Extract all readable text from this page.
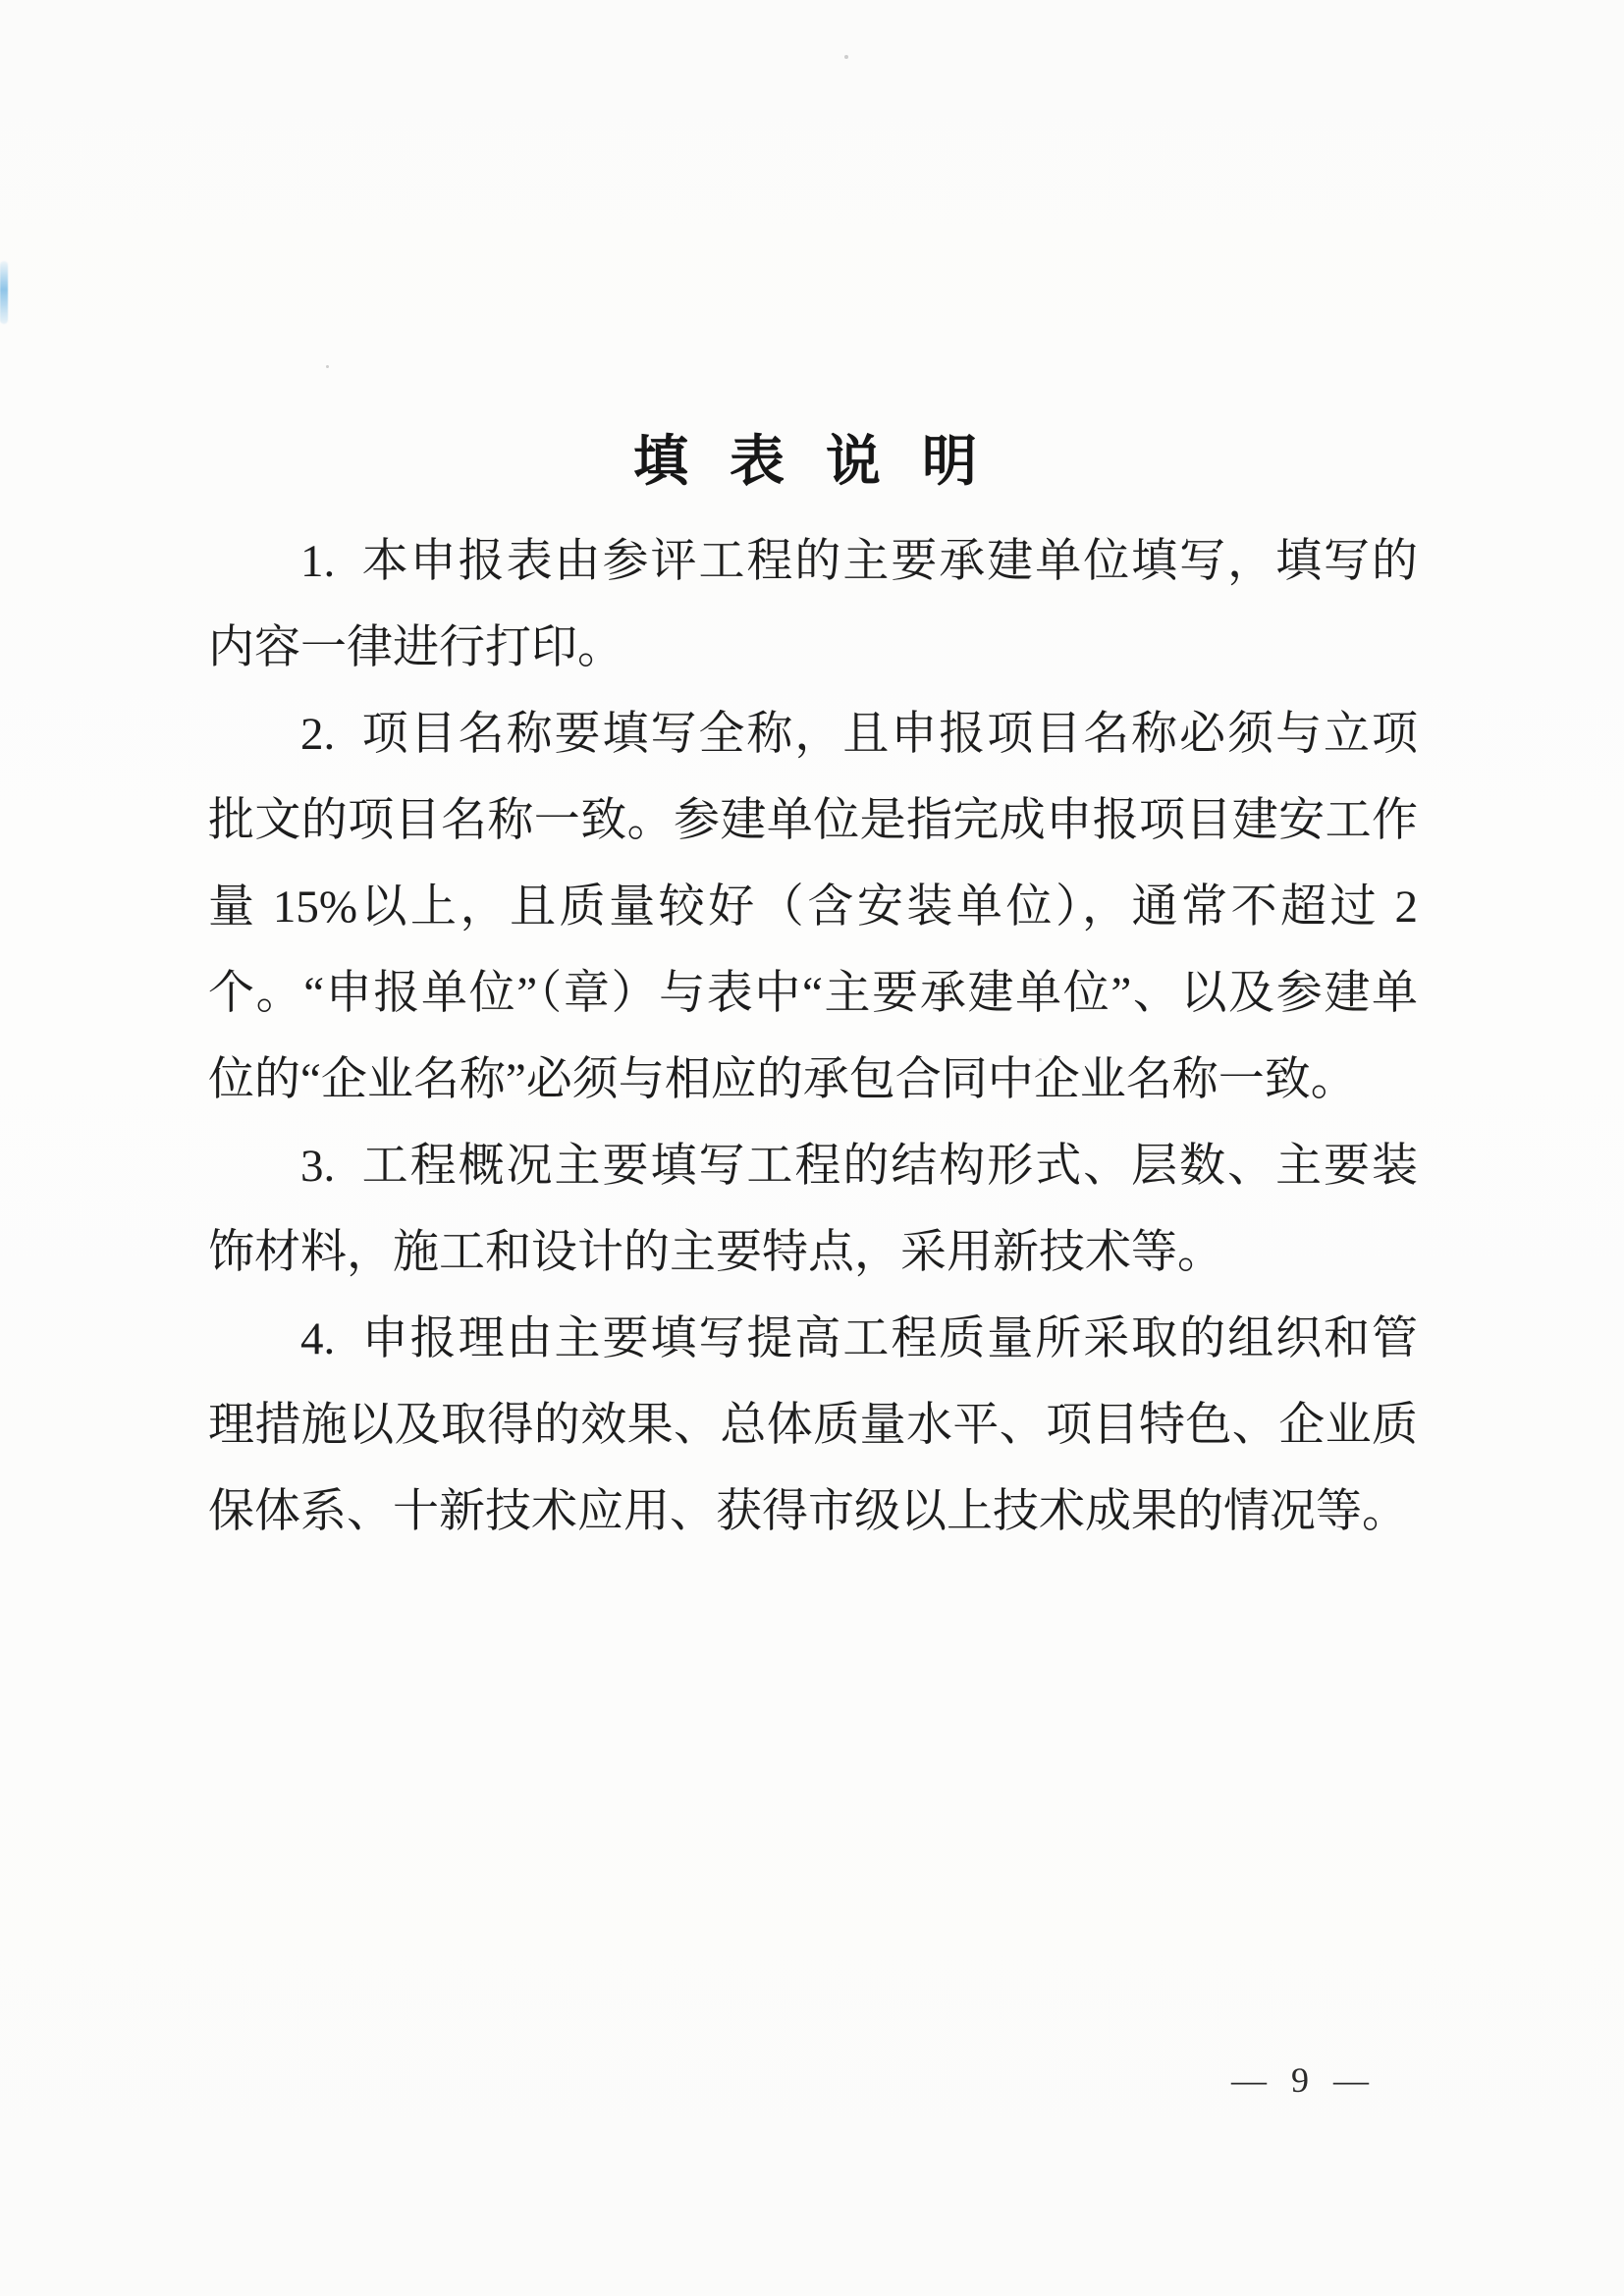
填 表 说 明

1.  本申报表由参评工程的主要承建单位填写，填写的内容一律进行打印。

2.  项目名称要填写全称，且申报项目名称必须与立项批文的项目名称一致。参建单位是指完成申报项目建安工作量 15%以上，且质量较好（含安装单位），通常不超过 2 个。“申报单位”（章）与表中“主要承建单位”、以及参建单位的“企业名称”必须与相应的承包合同中企业名称一致。

3.  工程概况主要填写工程的结构形式、层数、主要装饰材料，施工和设计的主要特点，采用新技术等。

4.  申报理由主要填写提高工程质量所采取的组织和管理措施以及取得的效果、总体质量水平、项目特色、企业质保体系、十新技术应用、获得市级以上技术成果的情况等。

— 9 —
